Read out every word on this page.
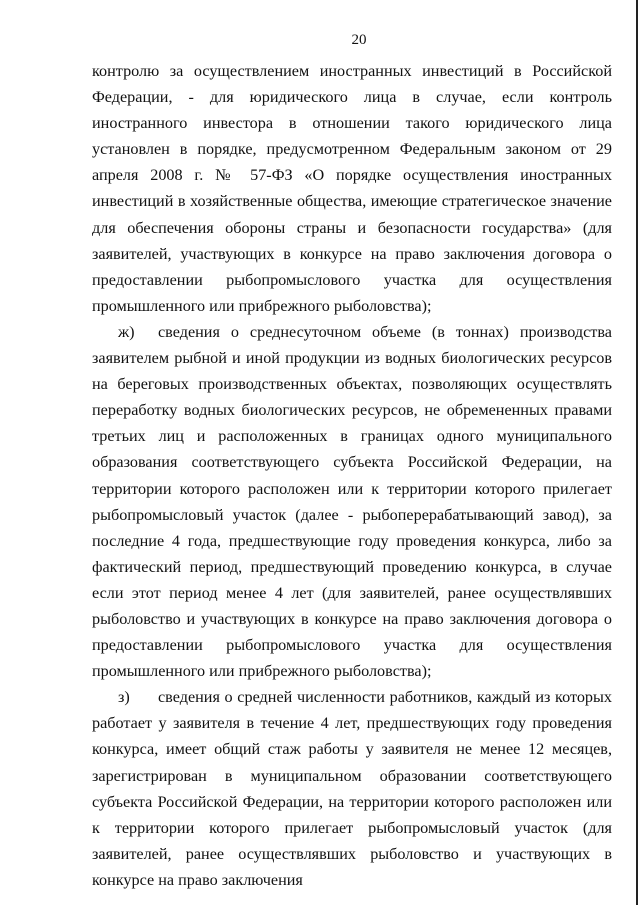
20

контролю за осуществлением иностранных инвестиций в Российской Федерации, - для юридического лица в случае, если контроль иностранного инвестора в отношении такого юридического лица установлен в порядке, предусмотренном Федеральным законом от 29 апреля 2008 г. № 57-ФЗ «О порядке осуществления иностранных инвестиций в хозяйственные общества, имеющие стратегическое значение для обеспечения обороны страны и безопасности государства» (для заявителей, участвующих в конкурсе на право заключения договора о предоставлении рыбопромыслового участка для осуществления промышленного или прибрежного рыболовства);

ж) сведения о среднесуточном объеме (в тоннах) производства заявителем рыбной и иной продукции из водных биологических ресурсов на береговых производственных объектах, позволяющих осуществлять переработку водных биологических ресурсов, не обремененных правами третьих лиц и расположенных в границах одного муниципального образования соответствующего субъекта Российской Федерации, на территории которого расположен или к территории которого прилегает рыбопромысловый участок (далее - рыбоперерабатывающий завод), за последние 4 года, предшествующие году проведения конкурса, либо за фактический период, предшествующий проведению конкурса, в случае если этот период менее 4 лет (для заявителей, ранее осуществлявших рыболовство и участвующих в конкурсе на право заключения договора о предоставлении рыбопромыслового участка для осуществления промышленного или прибрежного рыболовства);

з) сведения о средней численности работников, каждый из которых работает у заявителя в течение 4 лет, предшествующих году проведения конкурса, имеет общий стаж работы у заявителя не менее 12 месяцев, зарегистрирован в муниципальном образовании соответствующего субъекта Российской Федерации, на территории которого расположен или к территории которого прилегает рыбопромысловый участок (для заявителей, ранее осуществлявших рыболовство и участвующих в конкурсе на право заключения
